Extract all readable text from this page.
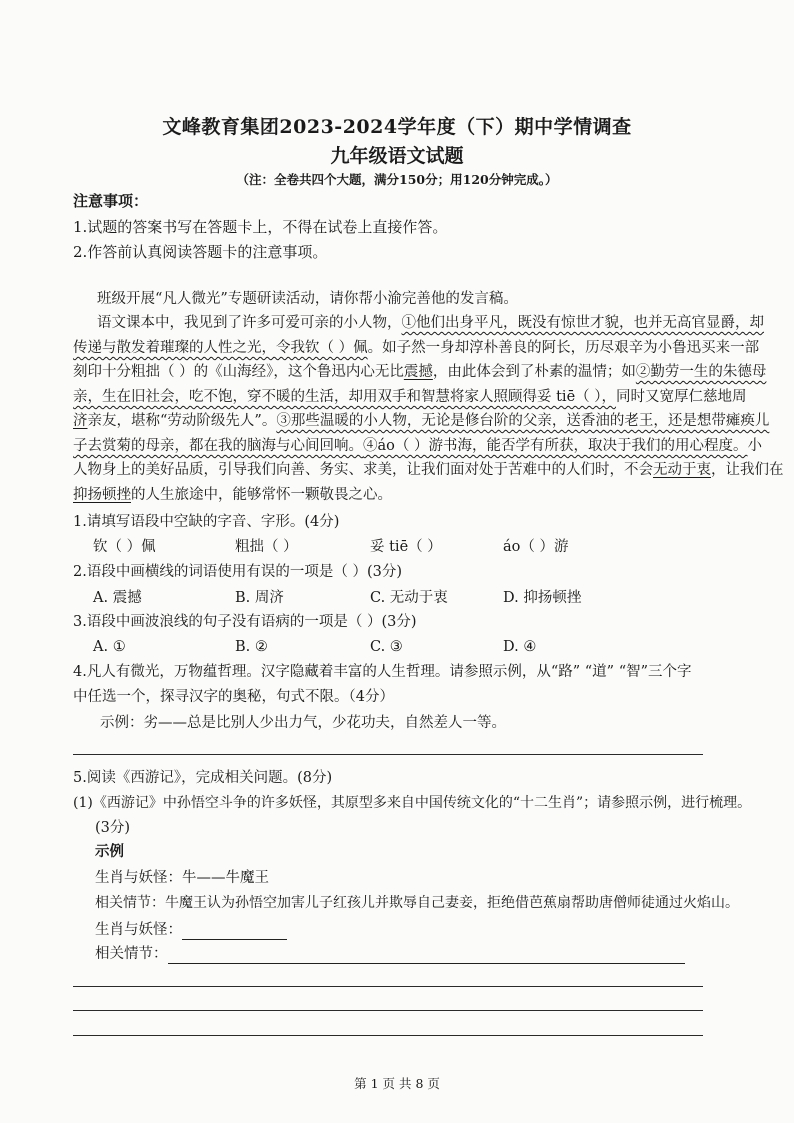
文峰教育集团2023-2024学年度（下）期中学情调查
九年级语文试题
（注：全卷共四个大题，满分150分；用120分钟完成。）
注意事项：
1.试题的答案书写在答题卡上，不得在试卷上直接作答。
2.作答前认真阅读答题卡的注意事项。
班级开展“凡人微光”专题研读活动，请你帮小渝完善他的发言稿。
语文课本中，我见到了许多可爱可亲的小人物，①他们出身平凡，既没有惊世才貌，也并无高官显爵，却
传递与散发着璀璨的人性之光，令我钦（ ）佩。如子然一身却淳朴善良的阿长，历尽艰辛为小鲁迅买来一部
刻印十分粗拙（ ）的《山海经》，这个鲁迅内心无比震撼，由此体会到了朴素的温情；如②勤劳一生的朱德母
亲，生在旧社会，吃不饱，穿不暖的生活，却用双手和智慧将家人照顾得妥 tiē（ ），同时又宽厚仁慈地周
济亲友，堪称“劳动阶级先人”。③那些温暖的小人物，无论是修台阶的父亲，送香油的老王，还是想带瘫痪儿
子去赏菊的母亲，都在我的脑海与心间回响。④áo（ ）游书海，能否学有所获，取决于我们的用心程度。小
人物身上的美好品质，引导我们向善、务实、求美，让我们面对处于苦难中的人们时，不会无动于衷，让我们在
抑扬顿挫的人生旅途中，能够常怀一颗敬畏之心。
1.请填写语段中空缺的字音、字形。(4分)
钦（ ）佩	粗拙（ ）	妥 tiē（ ）	áo（ ）游
2.语段中画横线的词语使用有误的一项是（ ）(3分)
A. 震撼	B. 周济	C. 无动于衷	D. 抑扬顿挫
3.语段中画波浪线的句子没有语病的一项是（ ）(3分)
A. ①	B. ②	C. ③	D. ④
4.凡人有微光，万物蕴哲理。汉字隐藏着丰富的人生哲理。请参照示例，从“路” “道” “智”三个字
中任选一个，探寻汉字的奥秘，句式不限。（4分）
示例：劣——总是比别人少出力气，少花功夫，自然差人一等。
5.阅读《西游记》，完成相关问题。(8分)
(1)《西游记》中孙悟空斗争的许多妖怪，其原型多来自中国传统文化的“十二生肖”；请参照示例，进行梳理。
(3分)
示例
生肖与妖怪：牛——牛魔王
相关情节：牛魔王认为孙悟空加害儿子红孩儿并欺辱自己妻妾，拒绝借芭蕉扇帮助唐僧师徒通过火焰山。
生肖与妖怪：
相关情节：
第 1 页 共 8 页
